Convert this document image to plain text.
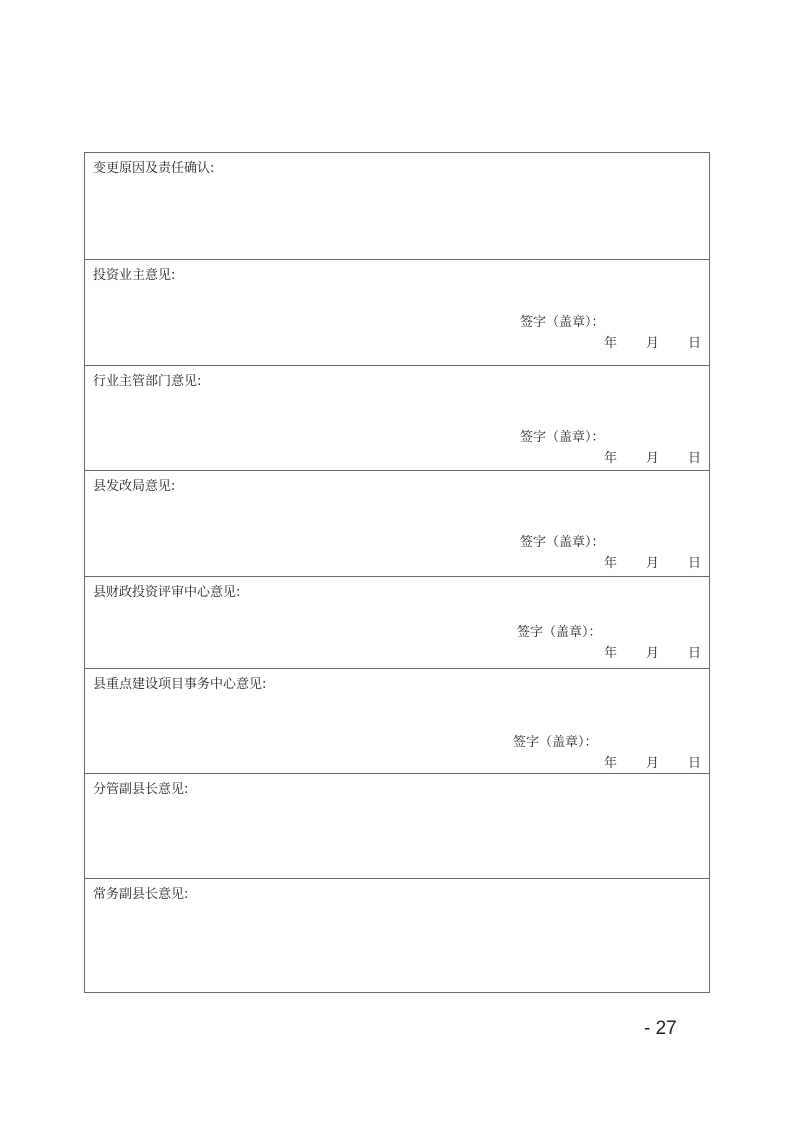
变更原因及责任确认:
投资业主意见:
签字（盖章）：
年 月 日
行业主管部门意见:
签字（盖章）：
年 月 日
县发改局意见:
签字（盖章）：
年 月 日
县财政投资评审中心意见:
签字（盖章）：
年 月 日
县重点建设项目事务中心意见:
签字（盖章）：
年 月 日
分管副县长意见:
常务副县长意见:
- 27
